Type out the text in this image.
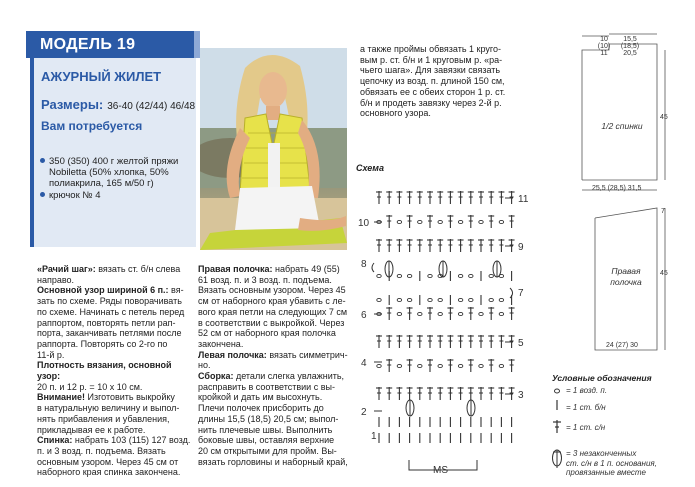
МОДЕЛЬ 19
АЖУРНЫЙ ЖИЛЕТ
Размеры: 36-40 (42/44) 46/48
Вам потребуется
350 (350) 400 г желтой пряжи
Nobiletta (50% хлопка, 50%
полиакрила, 165 м/50 г)
крючок № 4

«Рачий шаг»: вязать ст. б/н слева

направо.

Основной узор шириной 6 п.: вя-

зать по схеме. Ряды поворачивать

по схеме. Начинать с петель перед

раппортом, повторять петли рап-

порта, заканчивать петлями после

раппорта. Повторять со 2-го по

11-й р.

Плотность вязания, основной узор:

20 п. и 12 р. = 10 х 10 см.

Внимание! Изготовить выкройку

в натуральную величину и выпол-

нять прибавления и убавления,

прикладывая ее к работе.

Спинка: набрать 103 (115) 127 возд.

п. и 3 возд. п. подъема. Вязать

основным узором. Через 45 см от

наборного края спинка закончена.

Правая полочка: набрать 49 (55)

61 возд. п. и 3 возд. п. подъема.

Вязать основным узором. Через 45

см от наборного края убавить с ле-

вого края петли на следующих 7 см

в соответствии с выкройкой. Через

52 см от наборного края полочка

закончена.

Левая полочка: вязать симметрич-

но.

Сборка: детали слегка увлажнить,

расправить в соответствии с вы-

кройкой и дать им высохнуть.

Плечи полочек присборить до

длины 15,5 (18,5) 20,5 см; выпол-

нить плечевые швы. Выполнить

боковые швы, оставляя верхние

20 см открытыми для пройм. Вы-

вязать горловины и наборный край,

а также проймы обвязать 1 круго-

вым р. ст. б/н и 1 круговым р. «ра-

чьего шага». Для завязки связать

цепочку из возд. п. длиной 150 см,

обвязать ее с обеих сторон 1 р. ст.

б/н и продеть завязку через 2-й р.

основного узора.

Схема
10
8
6
4
2
1
11
9
7
5
3
MS
10
(10)
11
15,5
(18,5)
20,5
1/2 спинки
45
25,5 (28,5) 31,5
7
45
Правая
полочка
24 (27) 30
Условные обозначения
= 1 возд. п.
= 1 ст. б/н
= 1 ст. с/н
= 3 незаконченных
ст. с/н в 1 п. основания,
провязанные вместе
